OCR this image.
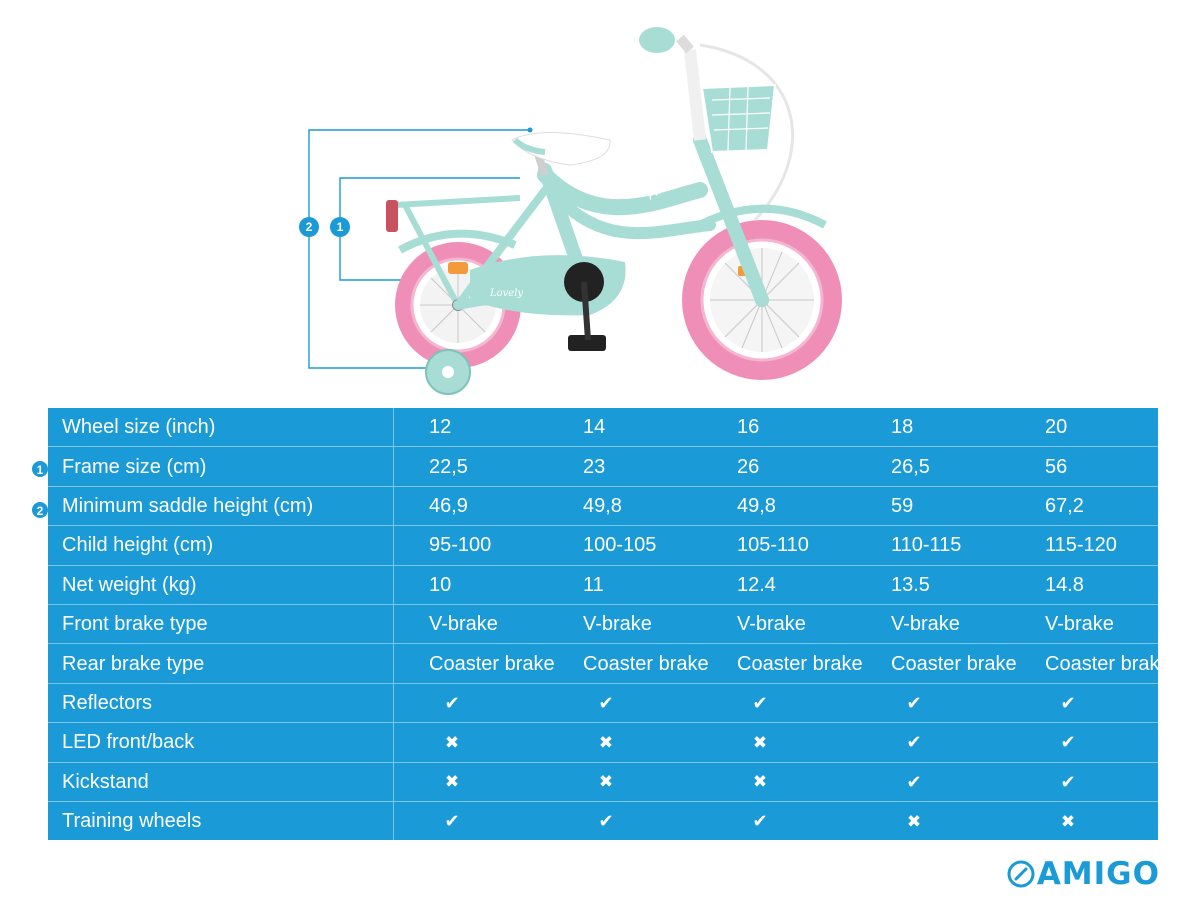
AMIGO
Lovely
2	1
1
2
Wheel size (inch)	12	14	16	18	20
Frame size (cm)	22,5	23	26	26,5	56
Minimum saddle height (cm)	46,9	49,8	49,8	59	67,2
Child height (cm)	95-100	100-105	105-110	110-115	115-120
Net weight (kg)	10	11	12.4	13.5	14.8
Front brake type	V-brake	V-brake	V-brake	V-brake	V-brake
Rear brake type	Coaster brake	Coaster brake	Coaster brake	Coaster brake	Coaster brake
Reflectors	✔	✔	✔	✔	✔
LED front/back	✖	✖	✖	✔	✔
Kickstand	✖	✖	✖	✔	✔
Training wheels	✔	✔	✔	✖	✖
AMIGO
